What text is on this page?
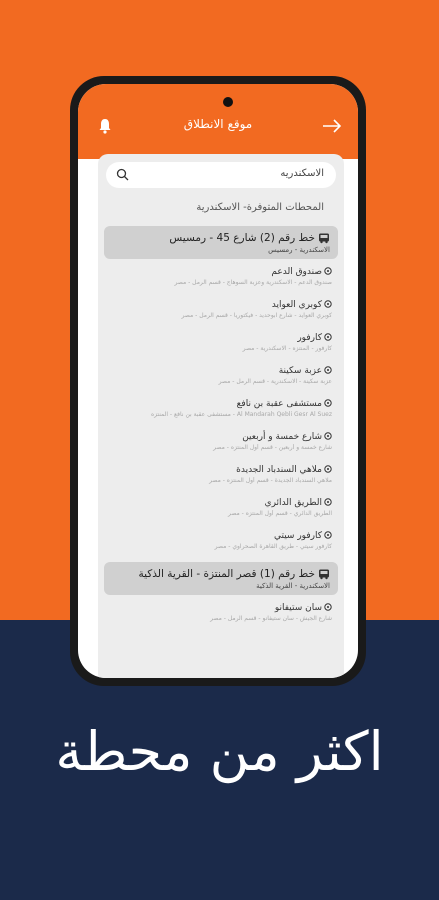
موقع الانطلاق
الاسكندريه
المحطات المتوفرة- الاسكندرية
خط رقم (2) شارع 45 - رمسيس
الاسكندرية - رمسيس
صندوق الدعم
صندوق الدعم - الاسكندرية وعزبة السوهاج - قسم الرمل - مصر
كوبري العوايد
كوبري العوايد - شارع ابوحديد - فيكتوريا - قسم الرمل - مصر
كارفور
كارفور - المنتزه - الاسكندرية - مصر
عزبة سكينة
عزبة سكينة - الاسكندرية - قسم الرمل - مصر
مستشفى عقبة بن نافع
Al Mandarah Qebli Gesr Al Suez - مستشفى عقبة بن نافع - المنتزه
شارع خمسة و أربعين
شارع خمسة و أربعين - قسم أول المنتزه - مصر
ملاهي السندباد الجديدة
ملاهي السندباد الجديدة - قسم أول المنتزه - مصر
الطريق الدائري
الطريق الدائري - قسم أول المنتزه - مصر
كارفور سيتي
كارفور سيتي - طريق القاهرة الصحراوي - مصر
خط رقم (1) قصر المنتزة - القرية الذكية
الاسكندرية - القرية الذكية
سان ستيفانو
شارع الجيش - سان ستيفانو - قسم الرمل - مصر
اكثر من محطة
